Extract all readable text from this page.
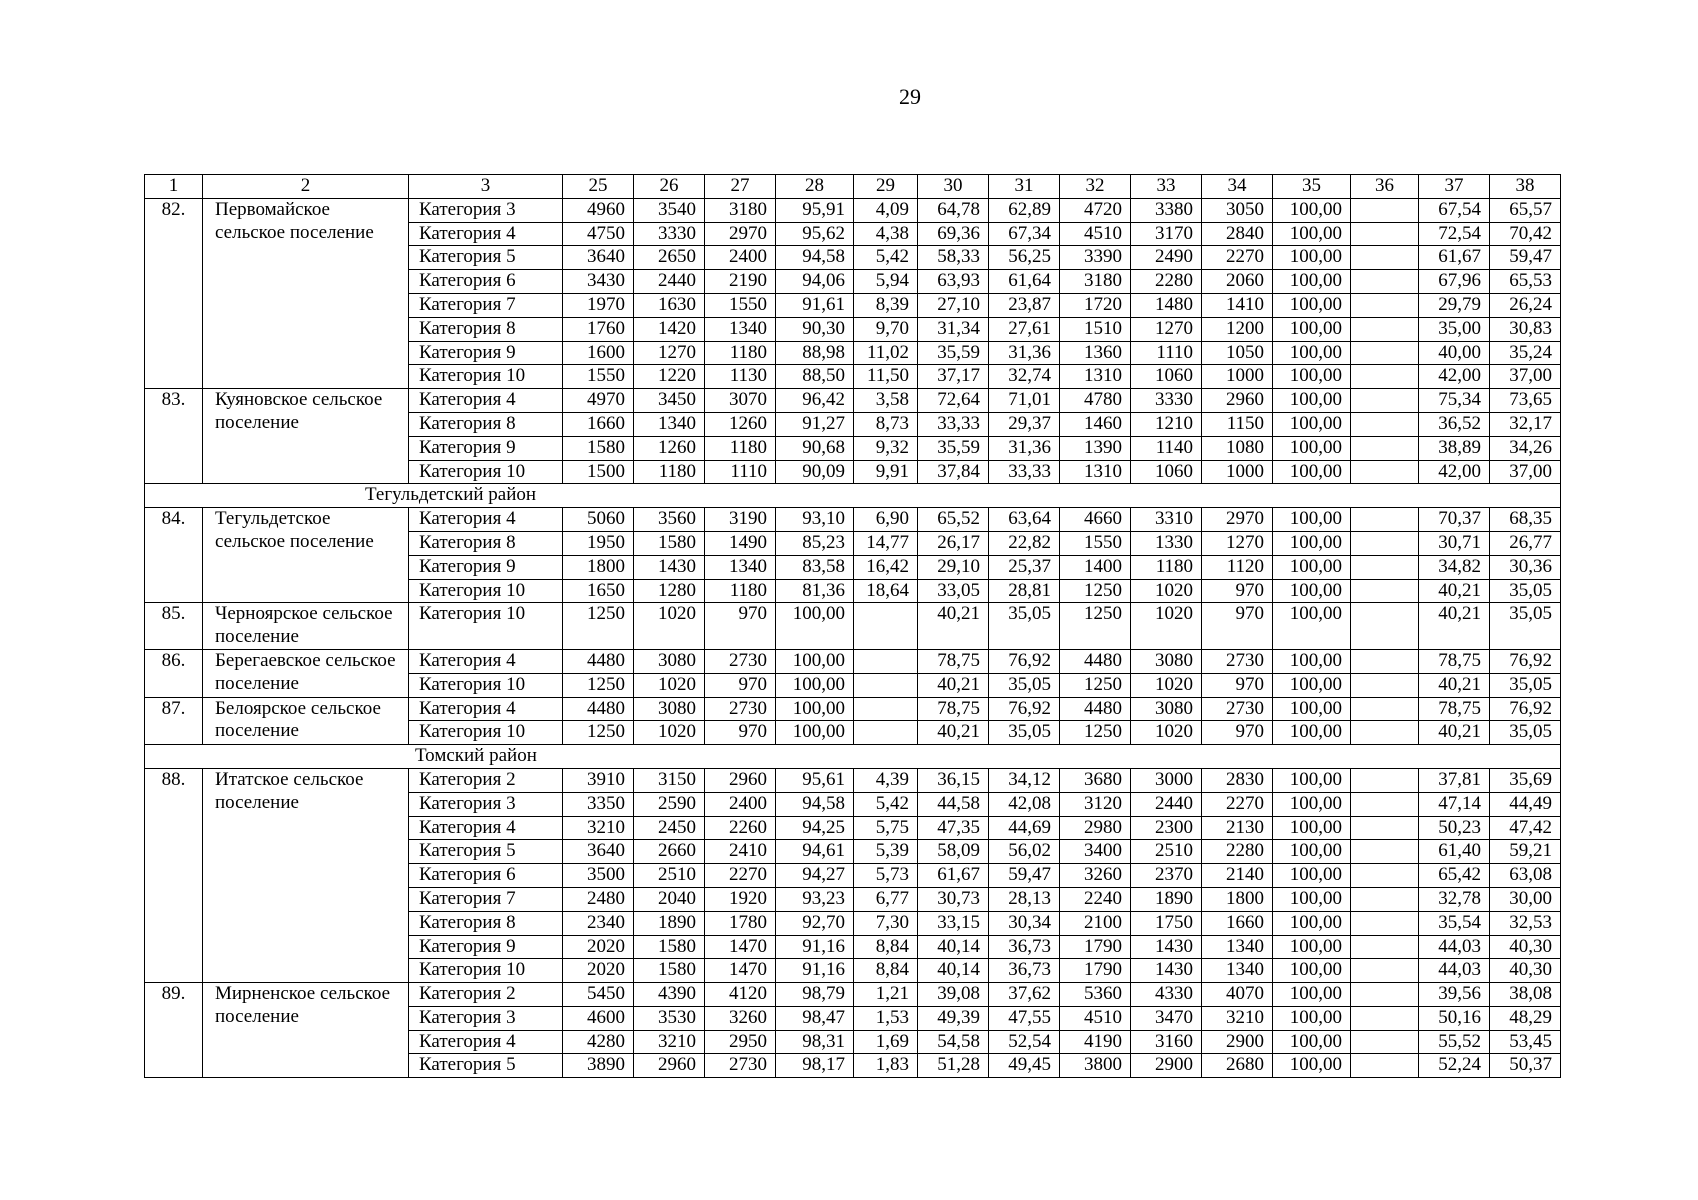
29
1	2	3	25	26	27	28	29	30	31	32	33	34	35	36	37	38
82.	Первомайское сельское поселение	Категория 3	4960	3540	3180	95,91	4,09	64,78	62,89	4720	3380	3050	100,00		67,54	65,57
		Категория 4	4750	3330	2970	95,62	4,38	69,36	67,34	4510	3170	2840	100,00		72,54	70,42
		Категория 5	3640	2650	2400	94,58	5,42	58,33	56,25	3390	2490	2270	100,00		61,67	59,47
		Категория 6	3430	2440	2190	94,06	5,94	63,93	61,64	3180	2280	2060	100,00		67,96	65,53
		Категория 7	1970	1630	1550	91,61	8,39	27,10	23,87	1720	1480	1410	100,00		29,79	26,24
		Категория 8	1760	1420	1340	90,30	9,70	31,34	27,61	1510	1270	1200	100,00		35,00	30,83
		Категория 9	1600	1270	1180	88,98	11,02	35,59	31,36	1360	1110	1050	100,00		40,00	35,24
		Категория 10	1550	1220	1130	88,50	11,50	37,17	32,74	1310	1060	1000	100,00		42,00	37,00
83.	Куяновское сельское поселение	Категория 4	4970	3450	3070	96,42	3,58	72,64	71,01	4780	3330	2960	100,00		75,34	73,65
		Категория 8	1660	1340	1260	91,27	8,73	33,33	29,37	1460	1210	1150	100,00		36,52	32,17
		Категория 9	1580	1260	1180	90,68	9,32	35,59	31,36	1390	1140	1080	100,00		38,89	34,26
		Категория 10	1500	1180	1110	90,09	9,91	37,84	33,33	1310	1060	1000	100,00		42,00	37,00
Тегульдетский район																
84.	Тегульдетское сельское поселение	Категория 4	5060	3560	3190	93,10	6,90	65,52	63,64	4660	3310	2970	100,00		70,37	68,35
		Категория 8	1950	1580	1490	85,23	14,77	26,17	22,82	1550	1330	1270	100,00		30,71	26,77
		Категория 9	1800	1430	1340	83,58	16,42	29,10	25,37	1400	1180	1120	100,00		34,82	30,36
		Категория 10	1650	1280	1180	81,36	18,64	33,05	28,81	1250	1020	970	100,00		40,21	35,05
85.	Черноярское сельское поселение	Категория 10	1250	1020	970	100,00		40,21	35,05	1250	1020	970	100,00		40,21	35,05
86.	Берегаевское сельское поселение	Категория 4	4480	3080	2730	100,00		78,75	76,92	4480	3080	2730	100,00		78,75	76,92
		Категория 10	1250	1020	970	100,00		40,21	35,05	1250	1020	970	100,00		40,21	35,05
87.	Белоярское сельское поселение	Категория 4	4480	3080	2730	100,00		78,75	76,92	4480	3080	2730	100,00		78,75	76,92
		Категория 10	1250	1020	970	100,00		40,21	35,05	1250	1020	970	100,00		40,21	35,05
Томский район																
88.	Итатское сельское поселение	Категория 2	3910	3150	2960	95,61	4,39	36,15	34,12	3680	3000	2830	100,00		37,81	35,69
		Категория 3	3350	2590	2400	94,58	5,42	44,58	42,08	3120	2440	2270	100,00		47,14	44,49
		Категория 4	3210	2450	2260	94,25	5,75	47,35	44,69	2980	2300	2130	100,00		50,23	47,42
		Категория 5	3640	2660	2410	94,61	5,39	58,09	56,02	3400	2510	2280	100,00		61,40	59,21
		Категория 6	3500	2510	2270	94,27	5,73	61,67	59,47	3260	2370	2140	100,00		65,42	63,08
		Категория 7	2480	2040	1920	93,23	6,77	30,73	28,13	2240	1890	1800	100,00		32,78	30,00
		Категория 8	2340	1890	1780	92,70	7,30	33,15	30,34	2100	1750	1660	100,00		35,54	32,53
		Категория 9	2020	1580	1470	91,16	8,84	40,14	36,73	1790	1430	1340	100,00		44,03	40,30
		Категория 10	2020	1580	1470	91,16	8,84	40,14	36,73	1790	1430	1340	100,00		44,03	40,30
89.	Мирненское сельское поселение	Категория 2	5450	4390	4120	98,79	1,21	39,08	37,62	5360	4330	4070	100,00		39,56	38,08
		Категория 3	4600	3530	3260	98,47	1,53	49,39	47,55	4510	3470	3210	100,00		50,16	48,29
		Категория 4	4280	3210	2950	98,31	1,69	54,58	52,54	4190	3160	2900	100,00		55,52	53,45
		Категория 5	3890	2960	2730	98,17	1,83	51,28	49,45	3800	2900	2680	100,00		52,24	50,37
